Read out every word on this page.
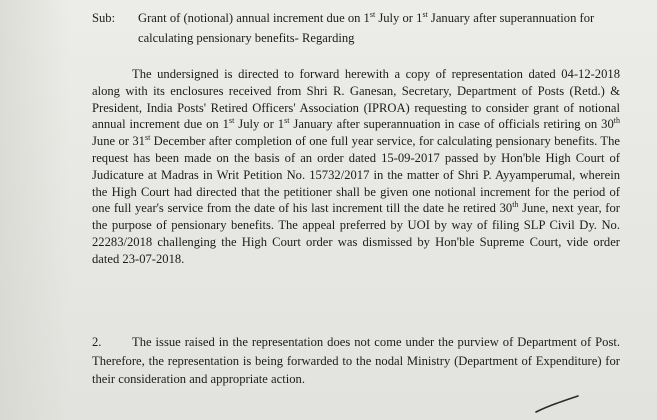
Sub: Grant of (notional) annual increment due on 1st July or 1st January after superannuation for calculating pensionary benefits- Regarding
The undersigned is directed to forward herewith a copy of representation dated 04-12-2018 along with its enclosures received from Shri R. Ganesan, Secretary, Department of Posts (Retd.) & President, India Posts' Retired Officers' Association (IPROA) requesting to consider grant of notional annual increment due on 1st July or 1st January after superannuation in case of officials retiring on 30th June or 31st December after completion of one full year service, for calculating pensionary benefits. The request has been made on the basis of an order dated 15-09-2017 passed by Hon'ble High Court of Judicature at Madras in Writ Petition No. 15732/2017 in the matter of Shri P. Ayyamperumal, wherein the High Court had directed that the petitioner shall be given one notional increment for the period of one full year's service from the date of his last increment till the date he retired 30th June, next year, for the purpose of pensionary benefits. The appeal preferred by UOI by way of filing SLP Civil Dy. No. 22283/2018 challenging the High Court order was dismissed by Hon'ble Supreme Court, vide order dated 23-07-2018.
2. The issue raised in the representation does not come under the purview of Department of Post. Therefore, the representation is being forwarded to the nodal Ministry (Department of Expenditure) for their consideration and appropriate action.
